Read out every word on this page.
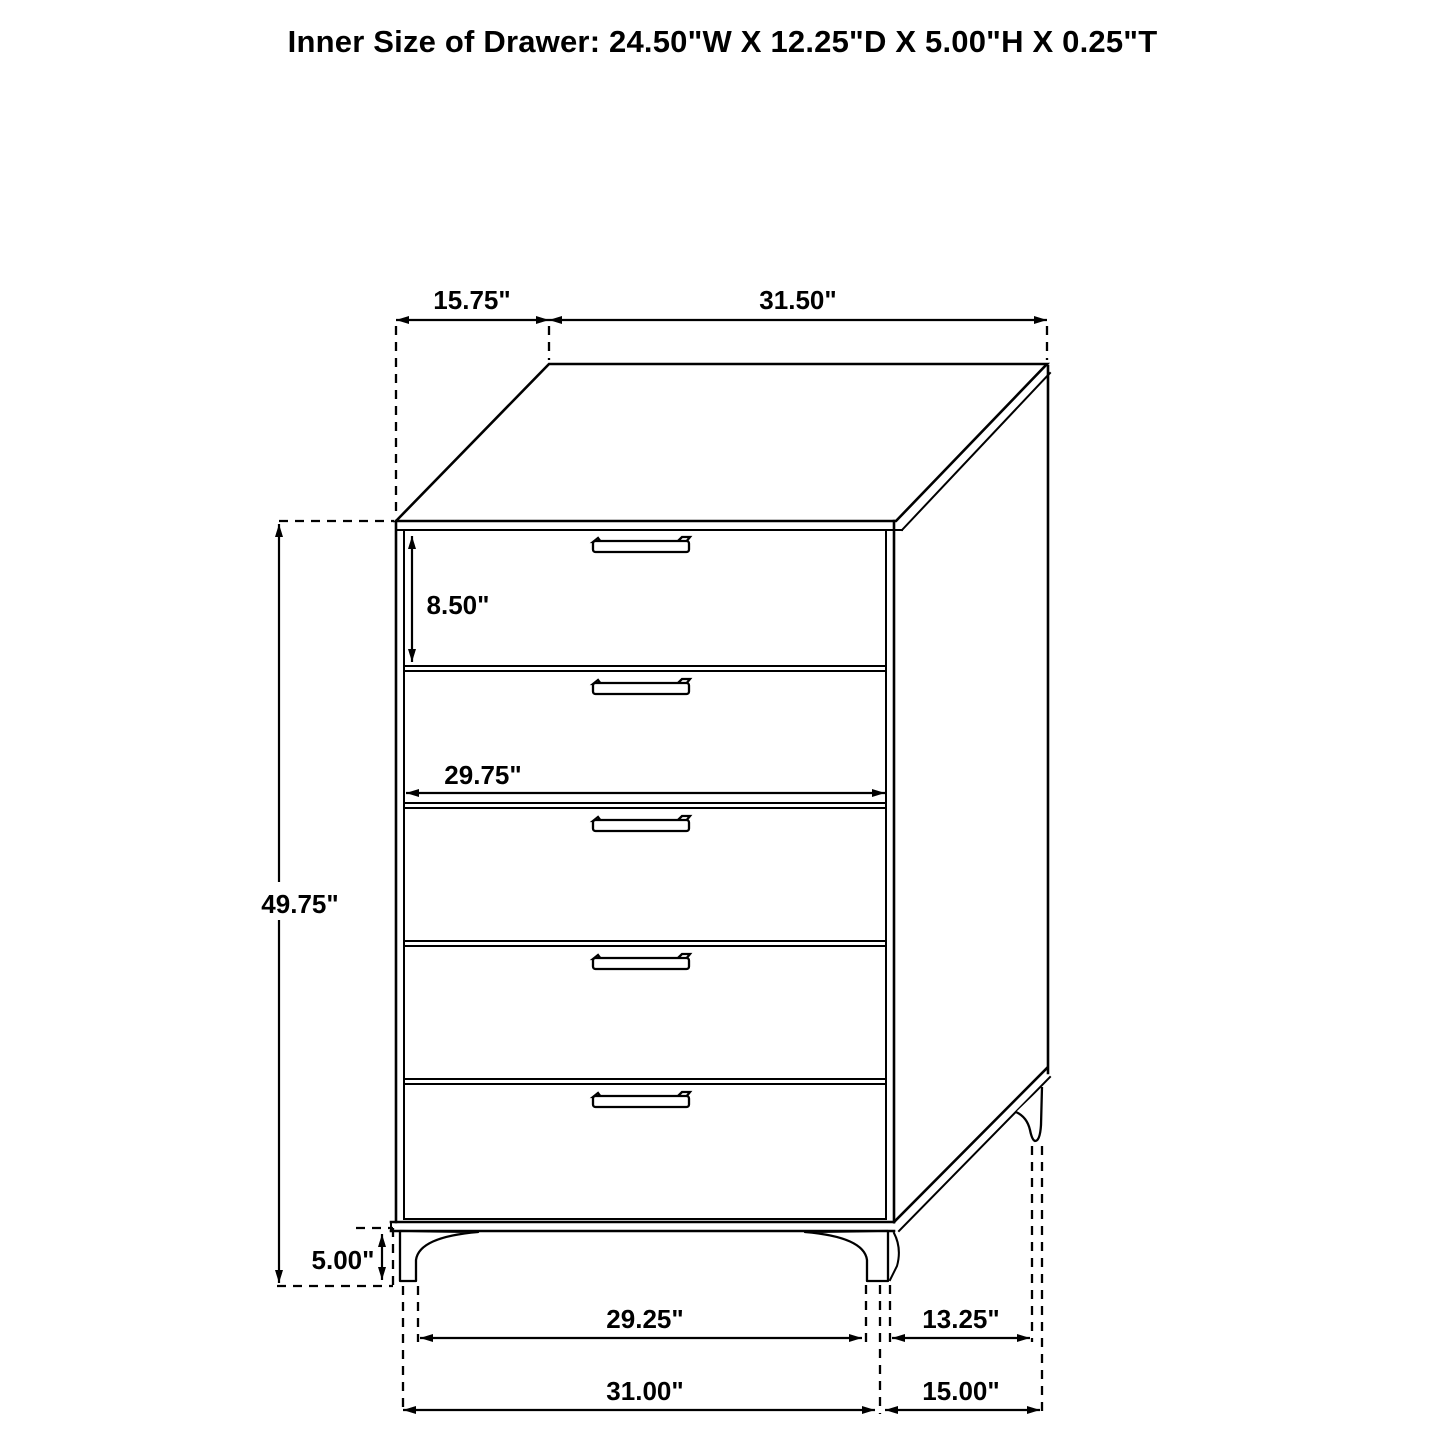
Inner Size of Drawer: 24.50"W X 12.25"D X 5.00"H X 0.25"T
15.75"	31.50"
8.50"
29.75"
49.75"
5.00"
29.25"	13.25"
31.00"	15.00"
